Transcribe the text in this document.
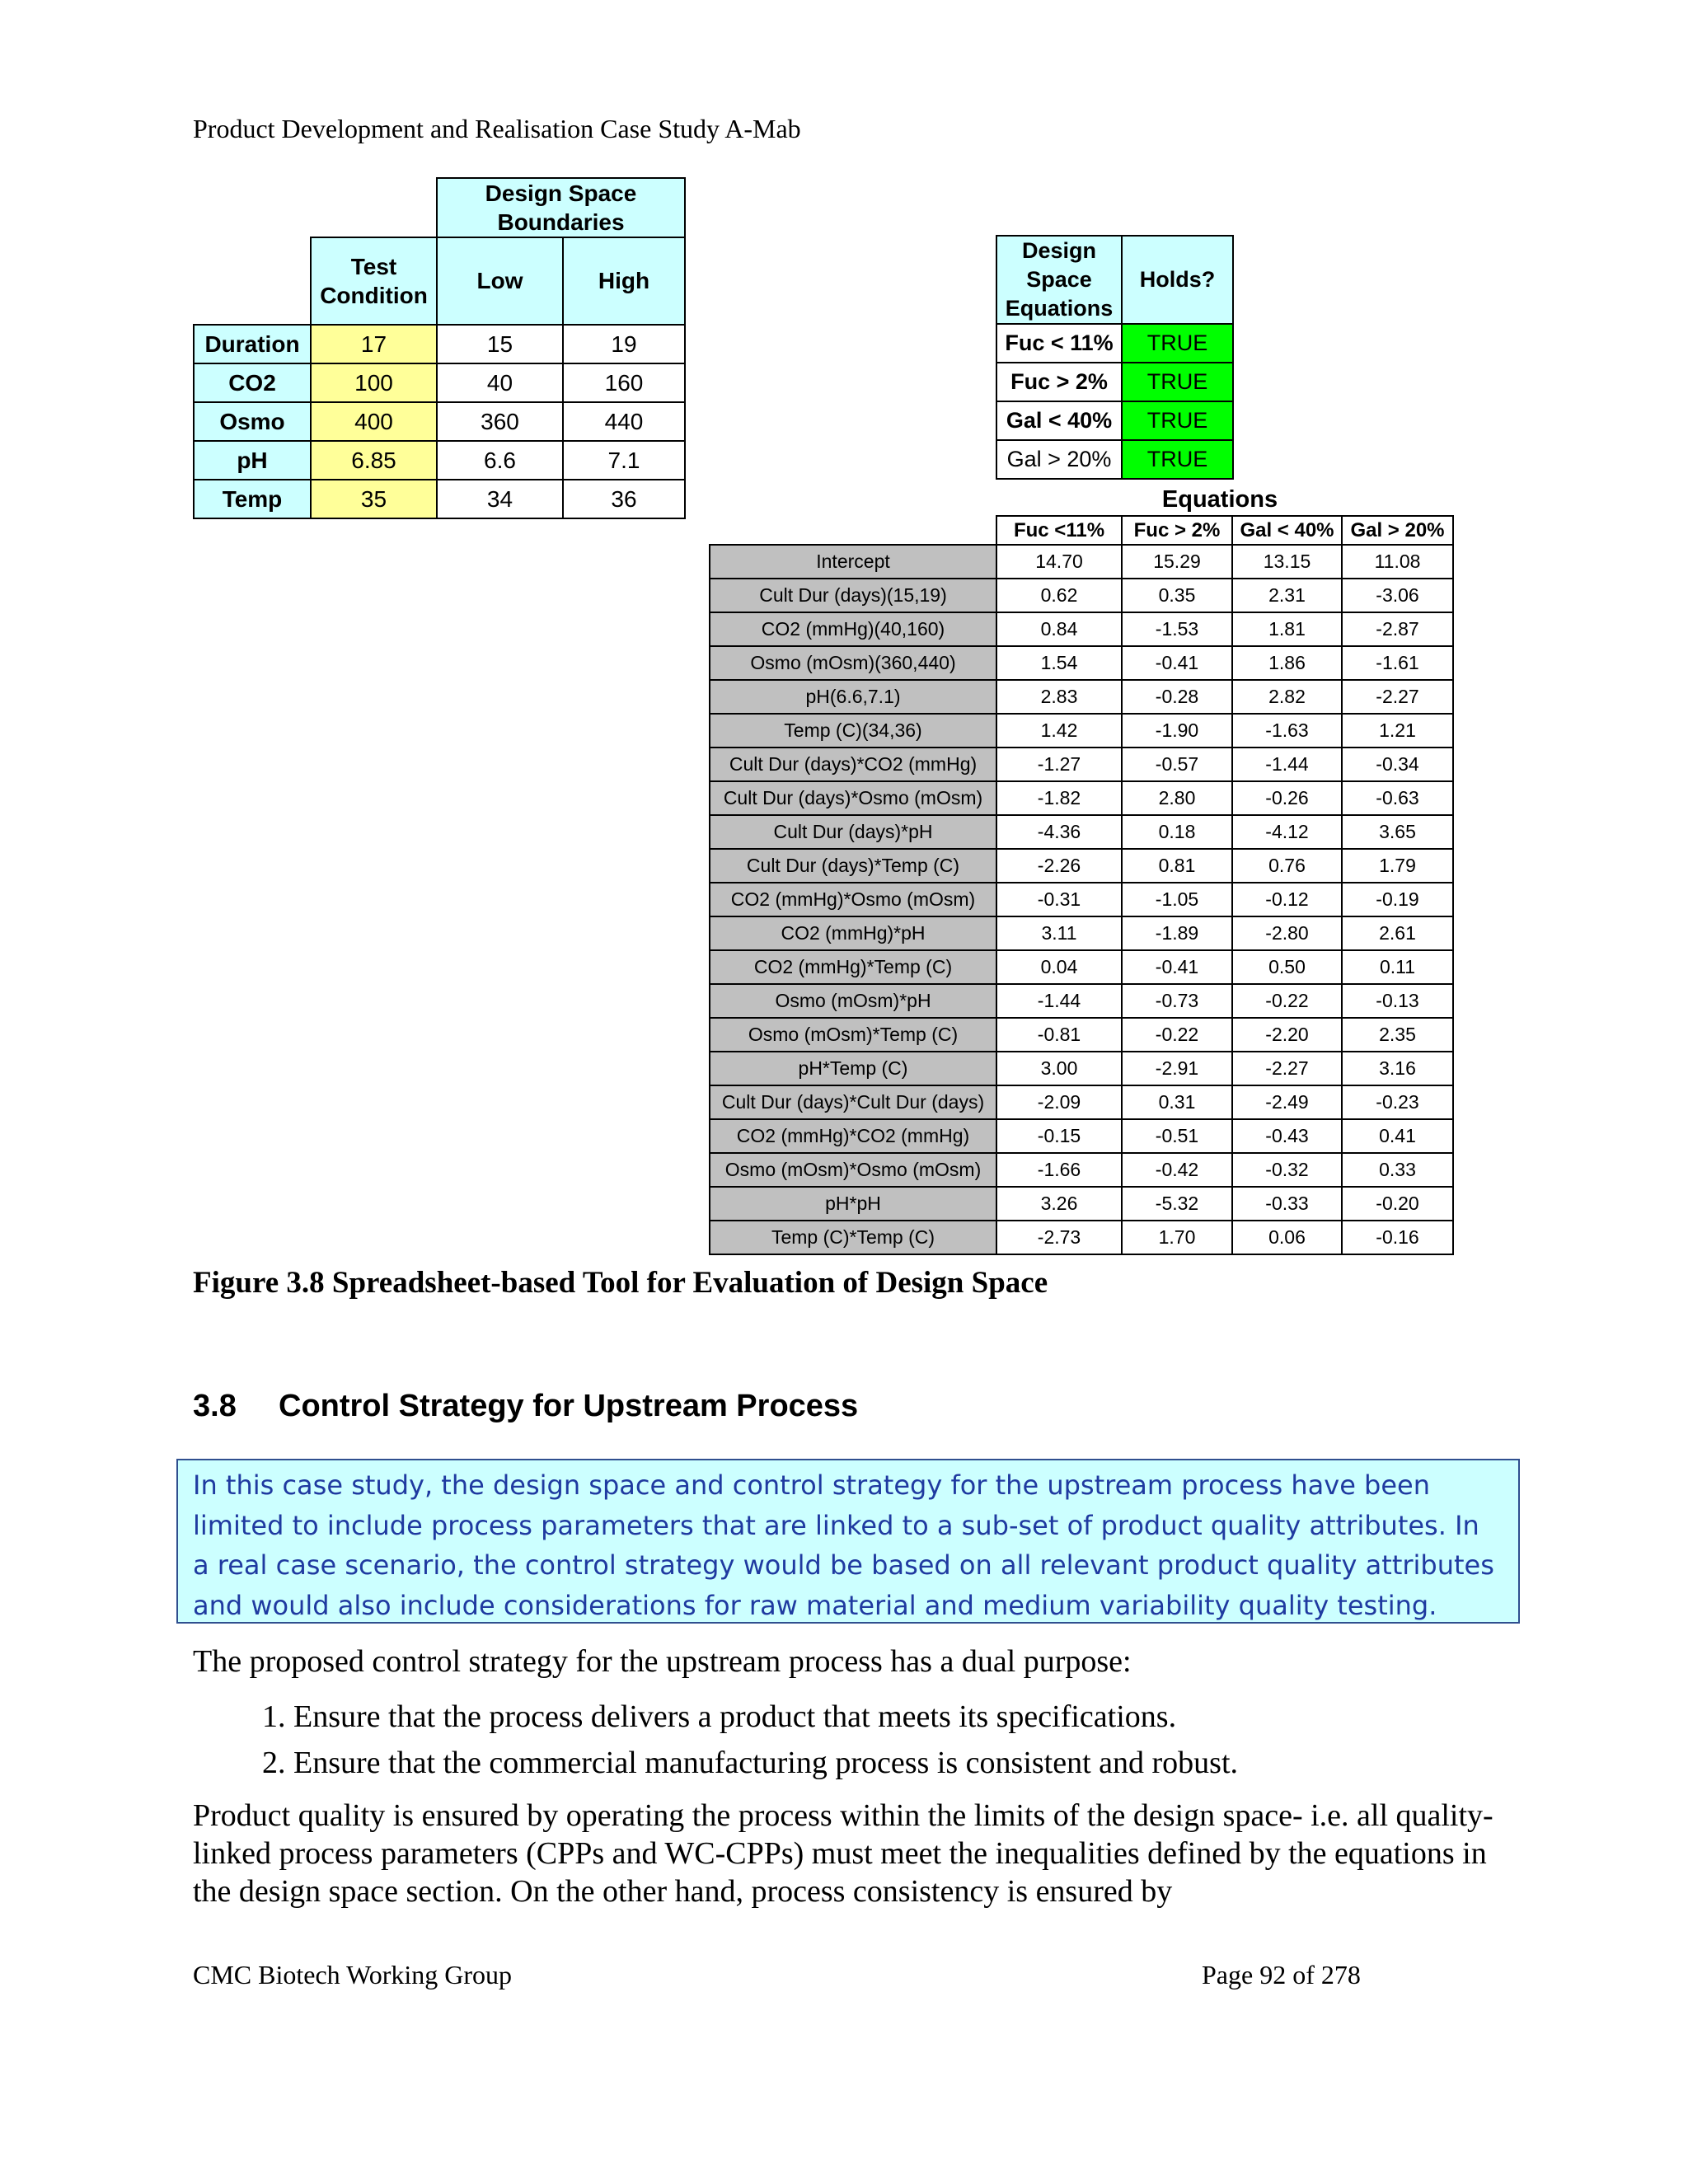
Product Development and Realisation Case Study A-Mab
		Design Space Boundaries	
	Test Condition	Low	High
Duration	17	15	19
CO2	100	40	160
Osmo	400	360	440
pH	6.85	6.6	7.1
Temp	35	34	36
Design Space Equations	Holds?
Fuc < 11%	TRUE
Fuc > 2%	TRUE
Gal < 40%	TRUE
Gal > 20%	TRUE
Equations
	Fuc <11%	Fuc > 2%	Gal < 40%	Gal > 20%
Intercept	14.70	15.29	13.15	11.08
Cult Dur (days)(15,19)	0.62	0.35	2.31	-3.06
CO2 (mmHg)(40,160)	0.84	-1.53	1.81	-2.87
Osmo (mOsm)(360,440)	1.54	-0.41	1.86	-1.61
pH(6.6,7.1)	2.83	-0.28	2.82	-2.27
Temp (C)(34,36)	1.42	-1.90	-1.63	1.21
Cult Dur (days)*CO2 (mmHg)	-1.27	-0.57	-1.44	-0.34
Cult Dur (days)*Osmo (mOsm)	-1.82	2.80	-0.26	-0.63
Cult Dur (days)*pH	-4.36	0.18	-4.12	3.65
Cult Dur (days)*Temp (C)	-2.26	0.81	0.76	1.79
CO2 (mmHg)*Osmo (mOsm)	-0.31	-1.05	-0.12	-0.19
CO2 (mmHg)*pH	3.11	-1.89	-2.80	2.61
CO2 (mmHg)*Temp (C)	0.04	-0.41	0.50	0.11
Osmo (mOsm)*pH	-1.44	-0.73	-0.22	-0.13
Osmo (mOsm)*Temp (C)	-0.81	-0.22	-2.20	2.35
pH*Temp (C)	3.00	-2.91	-2.27	3.16
Cult Dur (days)*Cult Dur (days)	-2.09	0.31	-2.49	-0.23
CO2 (mmHg)*CO2 (mmHg)	-0.15	-0.51	-0.43	0.41
Osmo (mOsm)*Osmo (mOsm)	-1.66	-0.42	-0.32	0.33
pH*pH	3.26	-5.32	-0.33	-0.20
Temp (C)*Temp (C)	-2.73	1.70	0.06	-0.16
Figure 3.8 Spreadsheet-based Tool for Evaluation of Design Space
3.8 Control Strategy for Upstream Process
In this case study, the design space and control strategy for the upstream process have been
limited to include process parameters that are linked to a sub-set of product quality attributes. In
a real case scenario, the control strategy would be based on all relevant product quality attributes
and would also include considerations for raw material and medium variability quality testing.
The proposed control strategy for the upstream process has a dual purpose:
1. Ensure that the process delivers a product that meets its specifications.
2. Ensure that the commercial manufacturing process is consistent and robust.
Product quality is ensured by operating the process within the limits of the design space- i.e. all quality-linked process parameters (CPPs and WC-CPPs) must meet the inequalities defined by the equations in the design space section. On the other hand, process consistency is ensured by
CMC Biotech Working Group	Page 92 of 278
